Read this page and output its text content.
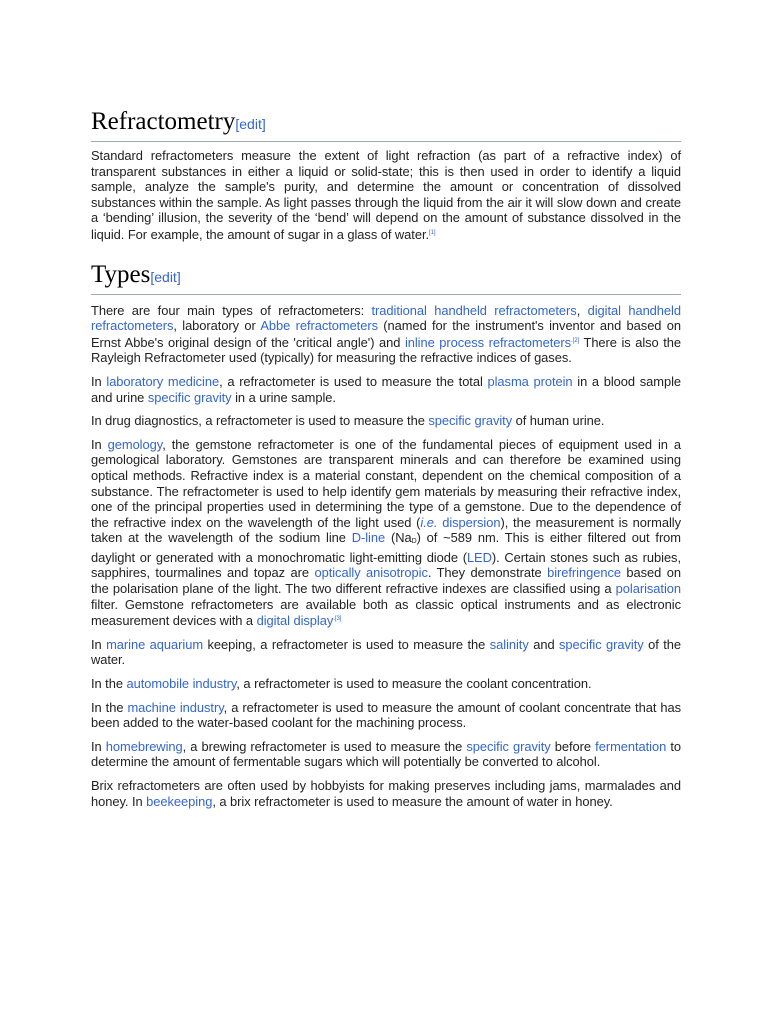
Refractometry[edit]

Standard refractometers measure the extent of light refraction (as part of a refractive index) of transparent substances in either a liquid or solid-state; this is then used in order to identify a liquid sample, analyze the sample's purity, and determine the amount or concentration of dissolved substances within the sample. As light passes through the liquid from the air it will slow down and create a ‘bending’ illusion, the severity of the ‘bend’ will depend on the amount of substance dissolved in the liquid. For example, the amount of sugar in a glass of water.[1]

Types[edit]

There are four main types of refractometers: traditional handheld refractometers, digital handheld refractometers, laboratory or Abbe refractometers (named for the instrument's inventor and based on Ernst Abbe's original design of the 'critical angle') and inline process refractometers$^{.[2]}$ There is also the Rayleigh Refractometer used (typically) for measuring the refractive indices of gases.

In laboratory medicine, a refractometer is used to measure the total plasma protein in a blood sample and urine specific gravity in a urine sample.

In drug diagnostics, a refractometer is used to measure the specific gravity of human urine.

In gemology, the gemstone refractometer is one of the fundamental pieces of equipment used in a gemological laboratory. Gemstones are transparent minerals and can therefore be examined using optical methods. Refractive index is a material constant, dependent on the chemical composition of a substance. The refractometer is used to help identify gem materials by measuring their refractive index, one of the principal properties used in determining the type of a gemstone. Due to the dependence of the refractive index on the wavelength of the light used (i.e. dispersion), the measurement is normally taken at the wavelength of the sodium line D-line $(Na_D)$ of ~589 nm. This is either filtered out from daylight or generated with a monochromatic light-emitting diode (LED). Certain stones such as rubies, sapphires, tourmalines and topaz are optically anisotropic. They demonstrate birefringence based on the polarisation plane of the light. The two different refractive indexes are classified using a polarisation filter. Gemstone refractometers are available both as classic optical instruments and as electronic measurement devices with a digital display$^{.[3]}$

In marine aquarium keeping, a refractometer is used to measure the salinity and specific gravity of the water.

In the automobile industry, a refractometer is used to measure the coolant concentration.

In the machine industry, a refractometer is used to measure the amount of coolant concentrate that has been added to the water-based coolant for the machining process.

In homebrewing, a brewing refractometer is used to measure the specific gravity before fermentation to determine the amount of fermentable sugars which will potentially be converted to alcohol.

Brix refractometers are often used by hobbyists for making preserves including jams, marmalades and honey. In beekeeping, a brix refractometer is used to measure the amount of water in honey.
